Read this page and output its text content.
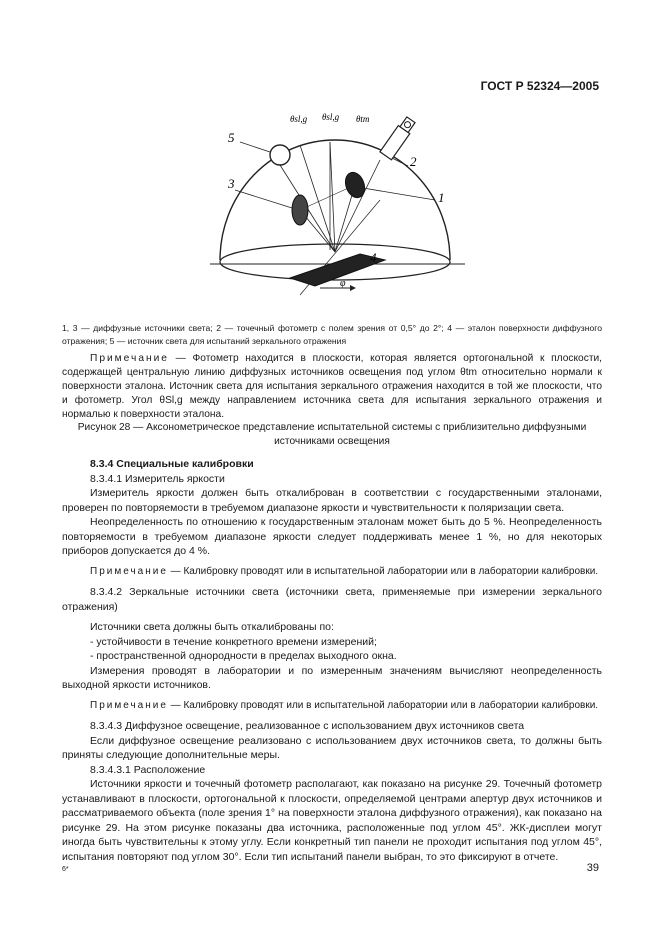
ГОСТ Р 52324—2005
5
3
1
2
4
φ
θsl,g θsl,g θtm
1, 3 — диффузные источники света; 2 — точечный фотометр с полем зрения от 0,5° до 2°; 4 — эталон поверхности диффузного отражения; 5 — источник света для испытаний зеркального отражения
Примечание — Фотометр находится в плоскости, которая является ортогональной к плоскости, содержащей центральную линию диффузных источников освещения под углом θtm относительно нормали к поверхности эталона. Источник света для испытания зеркального отражения находится в той же плоскости, что и фотометр. Угол θSl,g между направлением источника света для испытания зеркального отражения и нормалью к поверхности эталона.
Рисунок 28 — Аксонометрическое представление испытательной системы с приблизительно диффузными источниками освещения

8.3.4 Специальные калибровки

8.3.4.1 Измеритель яркости

Измеритель яркости должен быть откалиброван в соответствии с государственными эталонами, проверен по повторяемости в требуемом диапазоне яркости и чувствительности к поляризации света.

Неопределенность по отношению к государственным эталонам может быть до 5 %. Неопределенность повторяемости в требуемом диапазоне яркости следует поддерживать менее 1 %, но для некоторых приборов допускается до 4 %.

Примечание — Калибровку проводят или в испытательной лаборатории или в лаборатории калибровки.

8.3.4.2 Зеркальные источники света (источники света, применяемые при измерении зеркального отражения)

Источники света должны быть откалиброваны по:

- устойчивости в течение конкретного времени измерений;

- пространственной однородности в пределах выходного окна.

Измерения проводят в лаборатории и по измеренным значениям вычисляют неопределенность выходной яркости источников.

Примечание — Калибровку проводят или в испытательной лаборатории или в лаборатории калибровки.

8.3.4.3 Диффузное освещение, реализованное с использованием двух источников света

Если диффузное освещение реализовано с использованием двух источников света, то должны быть приняты следующие дополнительные меры.

8.3.4.3.1 Расположение

Источники яркости и точечный фотометр располагают, как показано на рисунке 29. Точечный фотометр устанавливают в плоскости, ортогональной к плоскости, определяемой центрами апертур двух источников и рассматриваемого объекта (поле зрения 1° на поверхности эталона диффузного отражения), как показано на рисунке 29. На этом рисунке показаны два источника, расположенные под углом 45°. ЖК-дисплеи могут иногда быть чувствительны к этому углу. Если конкретный тип панели не проходит испытания под углом 45°, испытания повторяют под углом 30°. Если тип испытаний панели выбран, то это фиксируют в отчете.

6*	39
